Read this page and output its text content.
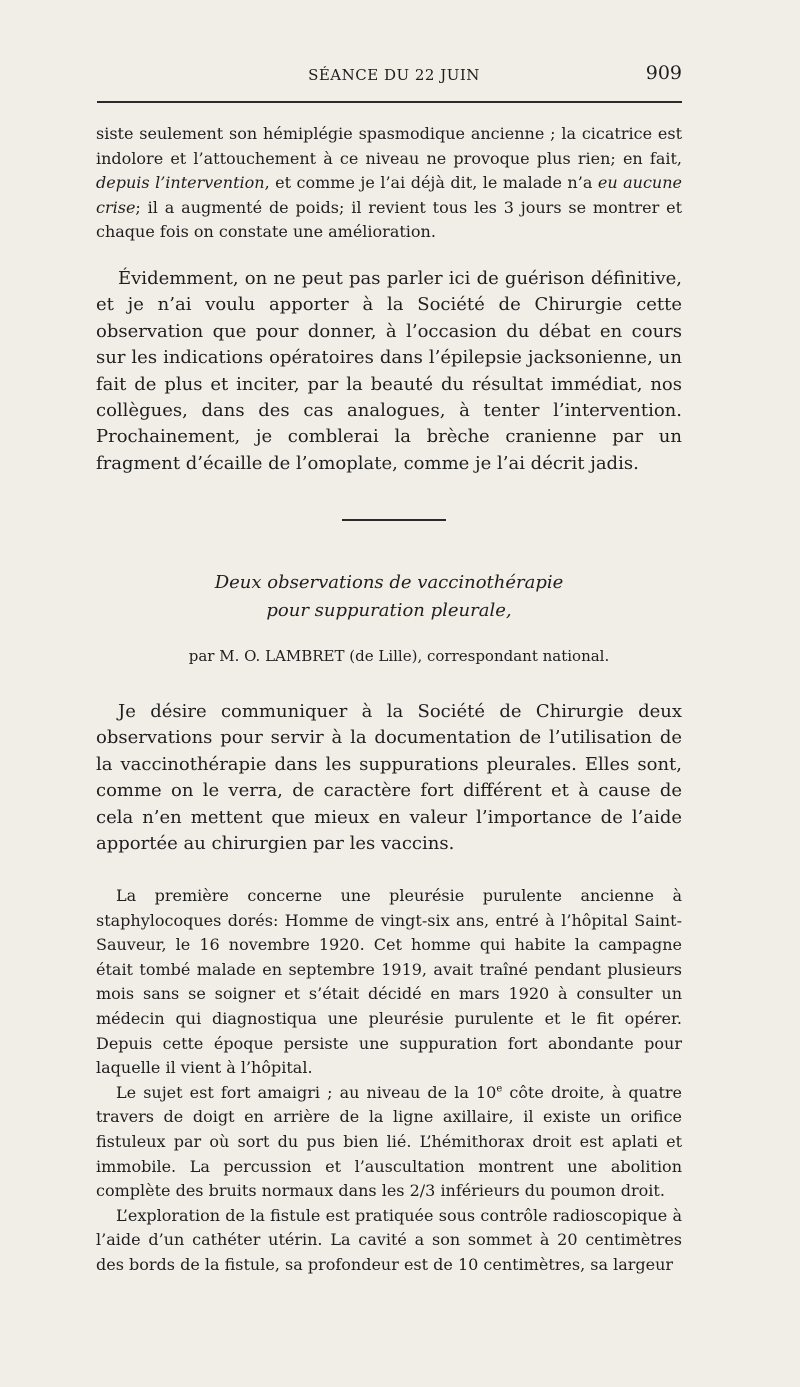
SÉANCE DU 22 JUIN	909

siste seulement son hémiplégie spasmodique ancienne ; la cicatrice est indolore et l’attouchement à ce niveau ne provoque plus rien; en fait, depuis l’intervention, et comme je l’ai déjà dit, le malade n’a eu aucune crise; il a augmenté de poids; il revient tous les 3 jours se montrer et chaque fois on constate une amélioration.

Évidemment, on ne peut pas parler ici de guérison définitive, et je n’ai voulu apporter à la Société de Chirurgie cette observation que pour donner, à l’occasion du débat en cours sur les indications opératoires dans l’épilepsie jacksonienne, un fait de plus et inciter, par la beauté du résultat immédiat, nos collègues, dans des cas analogues, à tenter l’intervention. Prochainement, je comblerai la brèche cranienne par un fragment d’écaille de l’omoplate, comme je l’ai décrit jadis.

Deux observations de vaccinothérapie
pour suppuration pleurale,
par M. O. LAMBRET (de Lille), correspondant national.

Je désire communiquer à la Société de Chirurgie deux observations pour servir à la documentation de l’utilisation de la vaccinothérapie dans les suppurations pleurales. Elles sont, comme on le verra, de caractère fort différent et à cause de cela n’en mettent que mieux en valeur l’importance de l’aide apportée au chirurgien par les vaccins.

La première concerne une pleurésie purulente ancienne à staphylocoques dorés: Homme de vingt-six ans, entré à l’hôpital Saint-Sauveur, le 16 novembre 1920. Cet homme qui habite la campagne était tombé malade en septembre 1919, avait traîné pendant plusieurs mois sans se soigner et s’était décidé en mars 1920 à consulter un médecin qui diagnostiqua une pleurésie purulente et le fit opérer. Depuis cette époque persiste une suppuration fort abondante pour laquelle il vient à l’hôpital.

Le sujet est fort amaigri ; au niveau de la 10e côte droite, à quatre travers de doigt en arrière de la ligne axillaire, il existe un orifice fistuleux par où sort du pus bien lié. L’hémithorax droit est aplati et immobile. La percussion et l’auscultation montrent une abolition complète des bruits normaux dans les 2/3 inférieurs du poumon droit.

L’exploration de la fistule est pratiquée sous contrôle radioscopique à l’aide d’un cathéter utérin. La cavité a son sommet à 20 centimètres des bords de la fistule, sa profondeur est de 10 centimètres, sa largeur
